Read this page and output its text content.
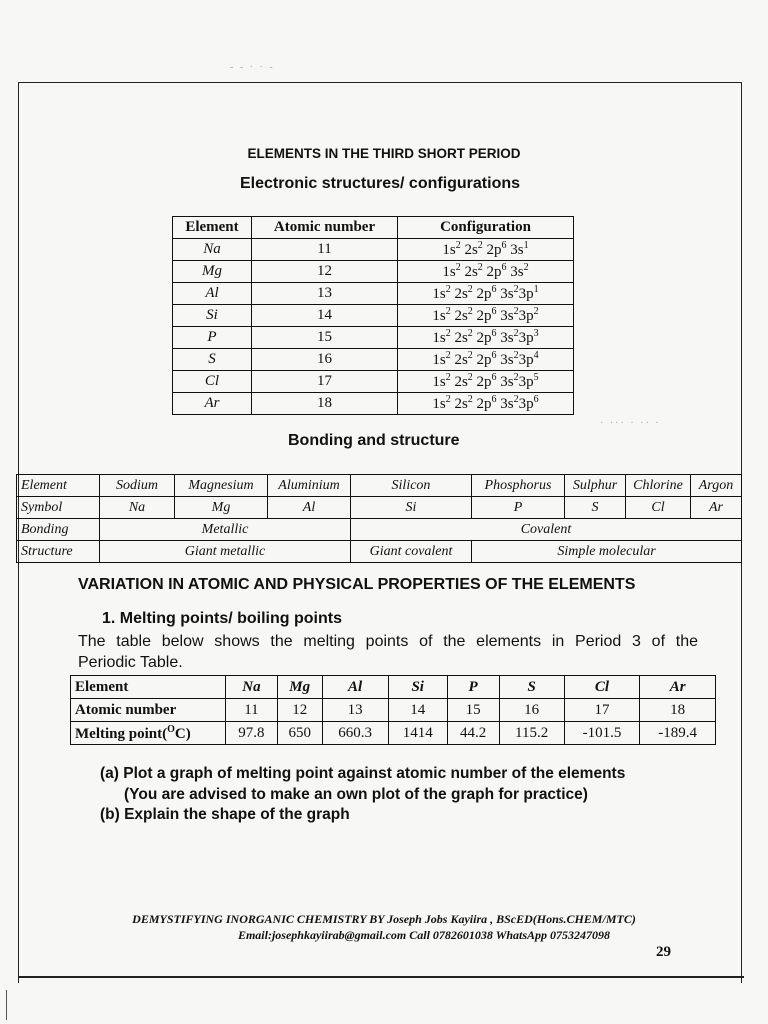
- - · · -
· ··· · ·· ·
ELEMENTS IN THE THIRD SHORT PERIOD
Electronic structures/ configurations
Element	Atomic number	Configuration
Na	11	$1s^2$ $2s^2$ $2p^6$ $3s^1$
Mg	12	$1s^2$ $2s^2$ $2p^6$ $3s^2$
Al	13	$1s^2$ $2s^2$ $2p^6$ $3s^23p^1$
Si	14	$1s^2$ $2s^2$ $2p^6$ $3s^23p^2$
P	15	$1s^2$ $2s^2$ $2p^6$ $3s^23p^3$
S	16	$1s^2$ $2s^2$ $2p^6$ $3s^23p^4$
Cl	17	$1s^2$ $2s^2$ $2p^6$ $3s^23p^5$
Ar	18	$1s^2$ $2s^2$ $2p^6$ $3s^23p^6$
Bonding and structure
Element	Sodium	Magnesium	Aluminium	Silicon	Phosphorus	Sulphur	Chlorine	Argon
Symbol	Na	Mg	Al	Si	P	S	Cl	Ar
Bonding	Metallic			Covalent				
Structure	Giant metallic			Giant covalent	Simple molecular			
VARIATION IN ATOMIC AND PHYSICAL PROPERTIES OF THE ELEMENTS
1. Melting points/ boiling points
The table below shows the melting points of the elements in Period 3 of the
Periodic Table.
Element	Na	Mg	Al	Si	P	S	Cl	Ar
Atomic number	11	12	13	14	15	16	17	18
Melting point($^O$C)	97.8	650	660.3	1414	44.2	115.2	-101.5	-189.4
(a) Plot a graph of melting point against atomic number of the elements
(You are advised to make an own plot of the graph for practice)
(b) Explain the shape of the graph
DEMYSTIFYING INORGANIC CHEMISTRY BY Joseph Jobs Kayiira , BScED(Hons.CHEM/MTC)
Email:josephkayiirab@gmail.com Call 0782601038 WhatsApp 0753247098
29
